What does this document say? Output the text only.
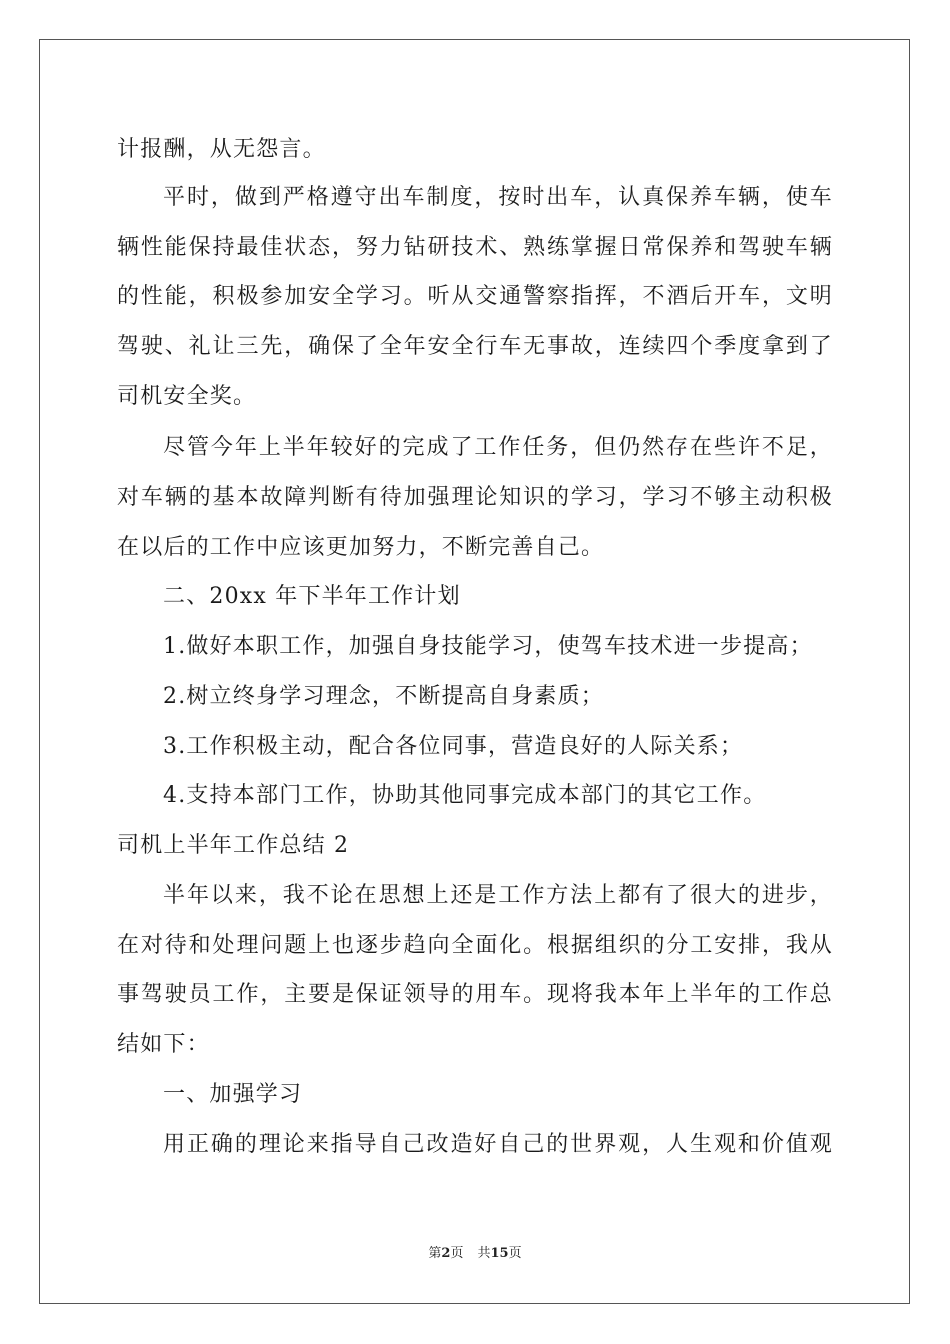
计报酬，从无怨言。
平时，做到严格遵守出车制度，按时出车，认真保养车辆，使车
辆性能保持最佳状态，努力钻研技术、熟练掌握日常保养和驾驶车辆
的性能，积极参加安全学习。听从交通警察指挥，不酒后开车，文明
驾驶、礼让三先，确保了全年安全行车无事故，连续四个季度拿到了
司机安全奖。
尽管今年上半年较好的完成了工作任务，但仍然存在些许不足，
对车辆的基本故障判断有待加强理论知识的学习，学习不够主动积极
在以后的工作中应该更加努力，不断完善自己。
二、20xx 年下半年工作计划
1.做好本职工作，加强自身技能学习，使驾车技术进一步提高；
2.树立终身学习理念，不断提高自身素质；
3.工作积极主动，配合各位同事，营造良好的人际关系；
4.支持本部门工作，协助其他同事完成本部门的其它工作。
司机上半年工作总结 2
半年以来，我不论在思想上还是工作方法上都有了很大的进步，
在对待和处理问题上也逐步趋向全面化。根据组织的分工安排，我从
事驾驶员工作，主要是保证领导的用车。现将我本年上半年的工作总
结如下：
一、加强学习
用正确的理论来指导自己改造好自己的世界观，人生观和价值观
第2页 共15页
